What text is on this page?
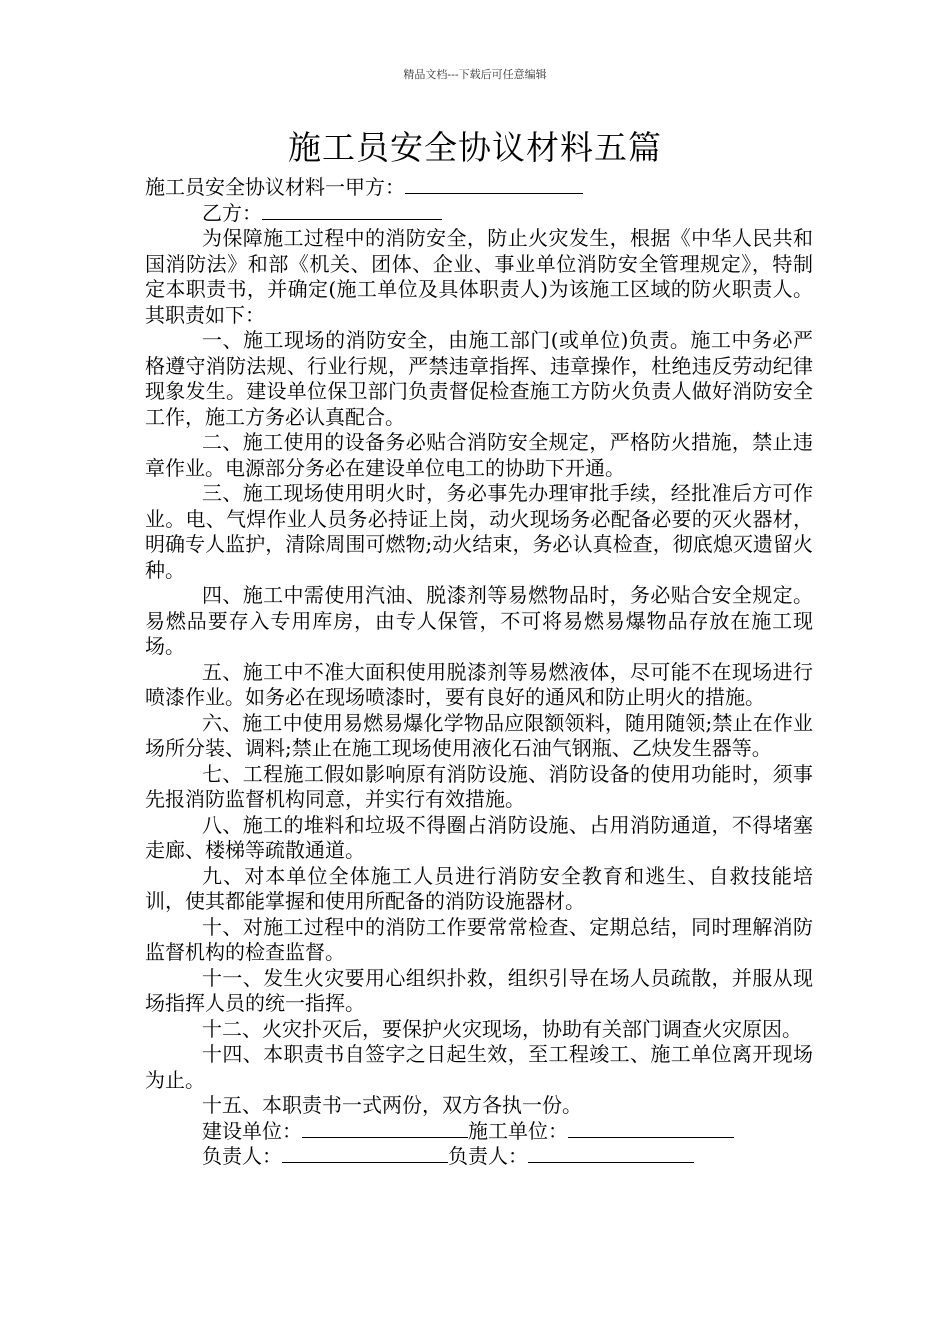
精品文档---下载后可任意编辑
施工员安全协议材料五篇
施工员安全协议材料一甲方：
乙方：
为保障施工过程中的消防安全，防止火灾发生，根据《中华人民共和国消防法》和部《机关、团体、企业、事业单位消防安全管理规定》，特制定本职责书，并确定(施工单位及具体职责人)为该施工区域的防火职责人。其职责如下：
一、施工现场的消防安全，由施工部门(或单位)负责。施工中务必严格遵守消防法规、行业行规，严禁违章指挥、违章操作，杜绝违反劳动纪律现象发生。建设单位保卫部门负责督促检查施工方防火负责人做好消防安全工作，施工方务必认真配合。
二、施工使用的设备务必贴合消防安全规定，严格防火措施，禁止违章作业。电源部分务必在建设单位电工的协助下开通。
三、施工现场使用明火时，务必事先办理审批手续，经批准后方可作业。电、气焊作业人员务必持证上岗，动火现场务必配备必要的灭火器材，明确专人监护，清除周围可燃物;动火结束，务必认真检查，彻底熄灭遗留火种。
四、施工中需使用汽油、脱漆剂等易燃物品时，务必贴合安全规定。易燃品要存入专用库房，由专人保管，不可将易燃易爆物品存放在施工现场。
五、施工中不准大面积使用脱漆剂等易燃液体，尽可能不在现场进行喷漆作业。如务必在现场喷漆时，要有良好的通风和防止明火的措施。
六、施工中使用易燃易爆化学物品应限额领料，随用随领;禁止在作业场所分装、调料;禁止在施工现场使用液化石油气钢瓶、乙炔发生器等。
七、工程施工假如影响原有消防设施、消防设备的使用功能时，须事先报消防监督机构同意，并实行有效措施。
八、施工的堆料和垃圾不得圈占消防设施、占用消防通道，不得堵塞走廊、楼梯等疏散通道。
九、对本单位全体施工人员进行消防安全教育和逃生、自救技能培训，使其都能掌握和使用所配备的消防设施器材。
十、对施工过程中的消防工作要常常检查、定期总结，同时理解消防监督机构的检查监督。
十一、发生火灾要用心组织扑救，组织引导在场人员疏散，并服从现场指挥人员的统一指挥。
十二、火灾扑灭后，要保护火灾现场，协助有关部门调查火灾原因。
十四、本职责书自签字之日起生效，至工程竣工、施工单位离开现场为止。
十五、本职责书一式两份，双方各执一份。
建设单位：	施工单位：
负责人：	负责人：
